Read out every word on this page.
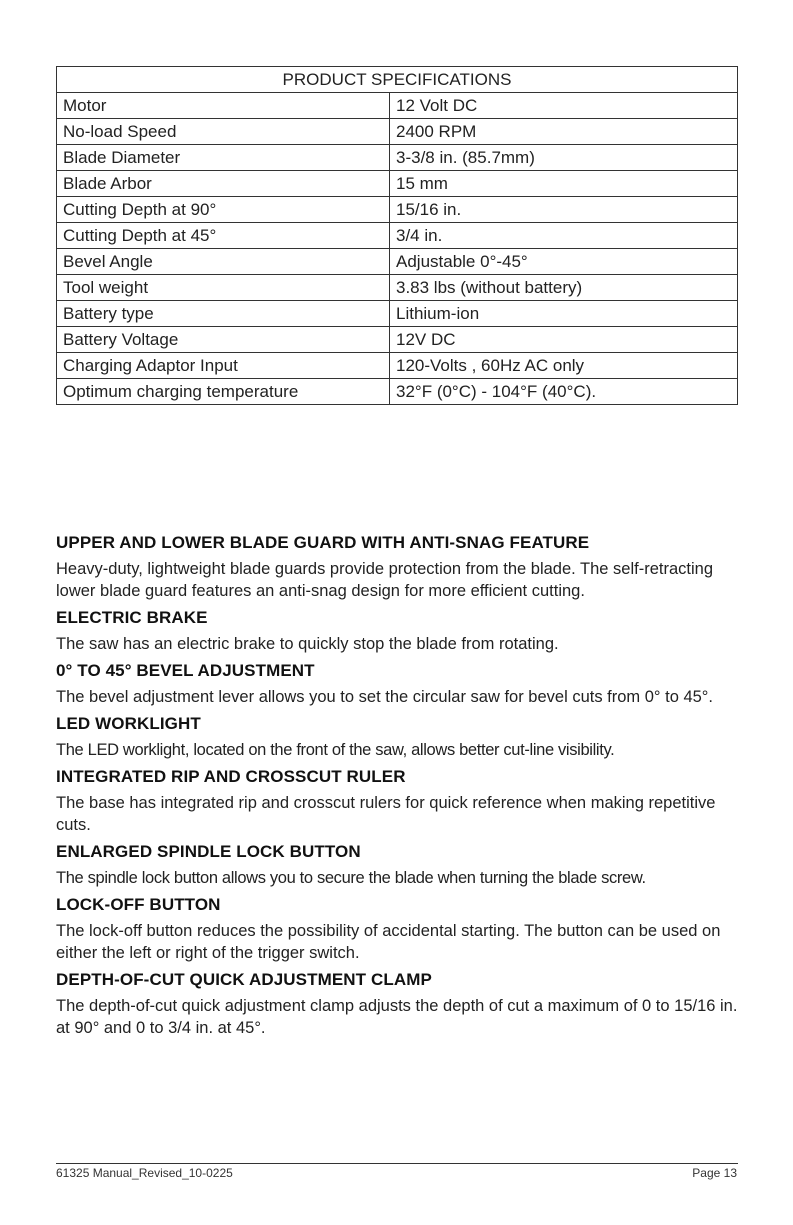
PRODUCT SPECIFICATIONS	
Motor	12 Volt DC
No-load Speed	2400 RPM
Blade Diameter	3-3/8 in. (85.7mm)
Blade Arbor	15 mm
Cutting Depth at 90°	15/16 in.
Cutting Depth at 45°	3/4 in.
Bevel Angle	Adjustable 0°-45°
Tool weight	3.83 lbs (without battery)
Battery type	Lithium-ion
Battery Voltage	12V DC
Charging Adaptor Input	120-Volts , 60Hz AC only
Optimum charging temperature	32°F (0°C) - 104°F (40°C).
UPPER AND LOWER BLADE GUARD WITH ANTI-SNAG FEATURE

Heavy-duty, lightweight blade guards provide protection from the blade. The self-retracting lower blade guard features an anti-snag design for more efficient cutting.

ELECTRIC BRAKE

The saw has an electric brake to quickly stop the blade from rotating.

0° TO 45° BEVEL ADJUSTMENT

The bevel adjustment lever allows you to set the circular saw for bevel cuts from 0° to 45°.

LED WORKLIGHT

The LED worklight, located on the front of the saw, allows better cut-line visibility.

INTEGRATED RIP AND CROSSCUT RULER

The base has integrated rip and crosscut rulers for quick reference when making repetitive cuts.

ENLARGED SPINDLE LOCK BUTTON

The spindle lock button allows you to secure the blade when turning the blade screw.

LOCK-OFF BUTTON

The lock-off button reduces the possibility of accidental starting. The button can be used on either the left or right of the trigger switch.

DEPTH-OF-CUT QUICK ADJUSTMENT CLAMP

The depth-of-cut quick adjustment clamp adjusts the depth of cut a maximum of 0 to 15/16 in. at 90° and 0 to 3/4 in. at 45°.

61325 Manual_Revised_10-0225	Page 13
